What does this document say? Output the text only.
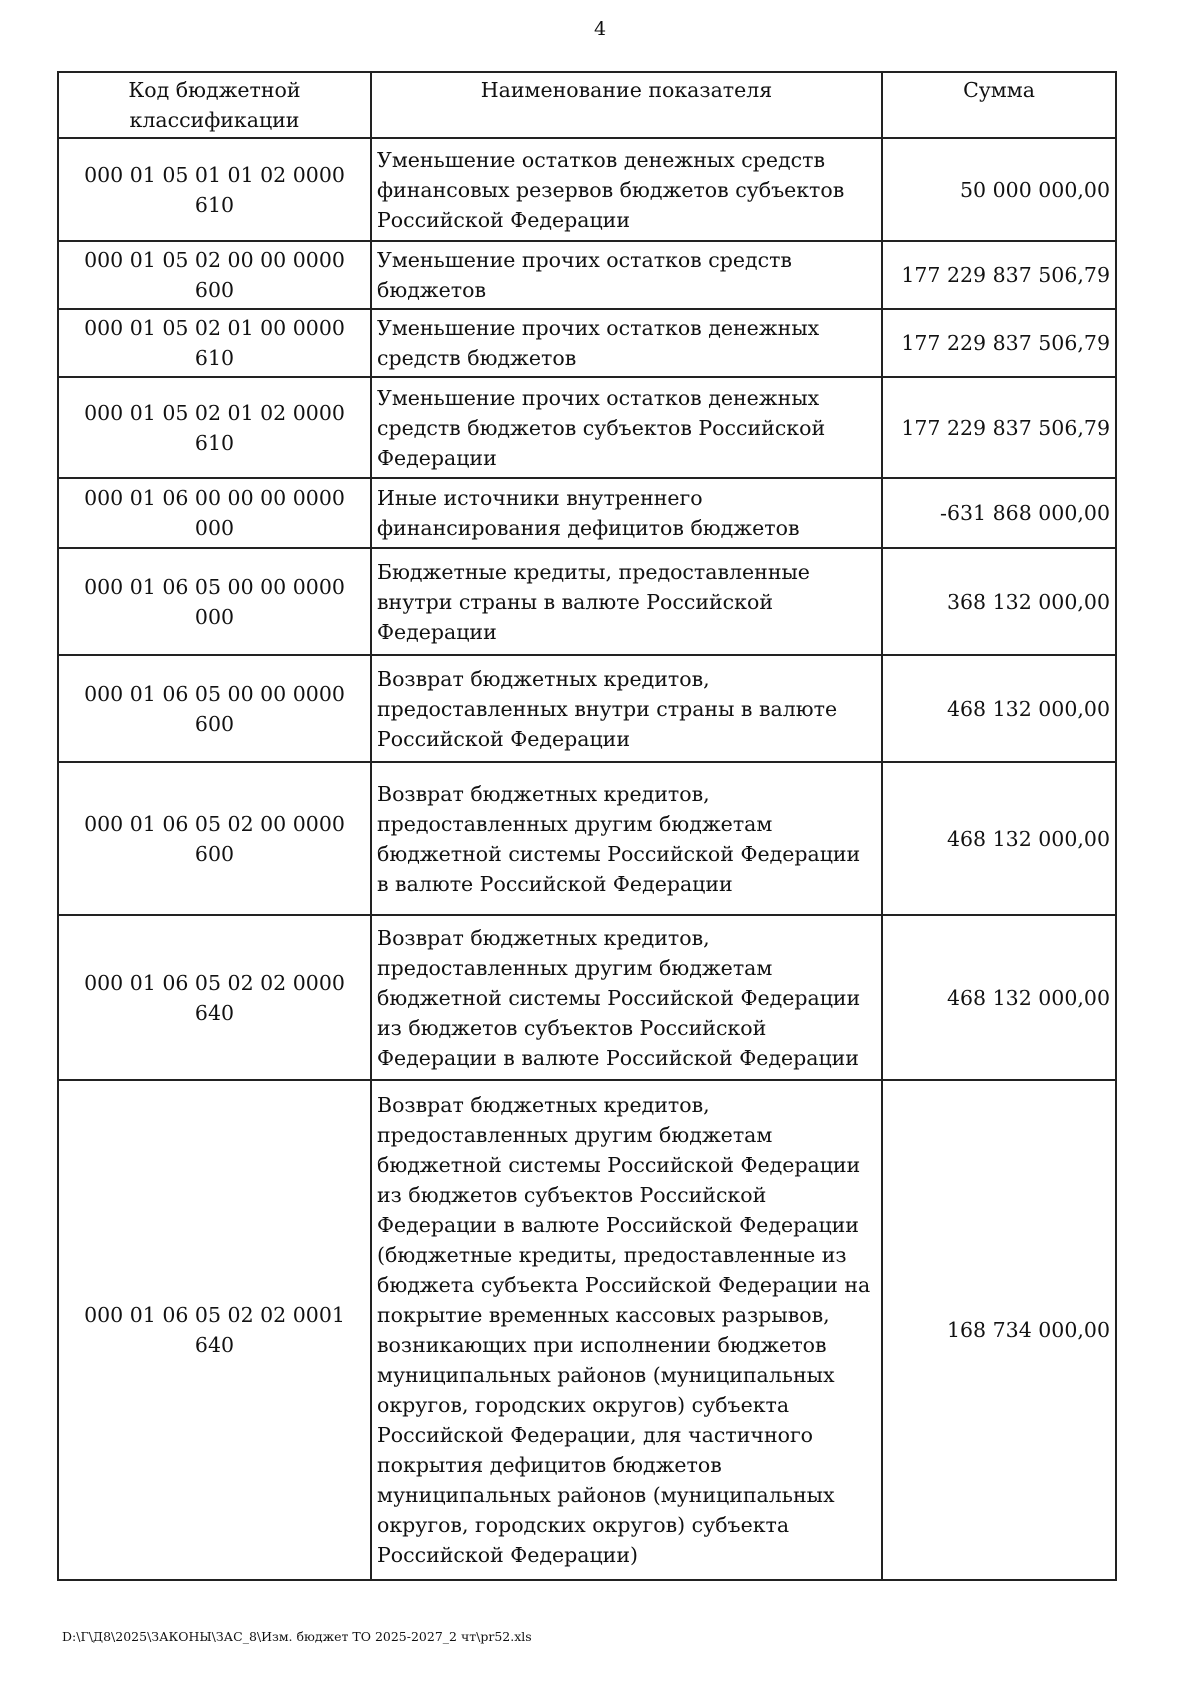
4
Код бюджетной классификации	Наименование показателя	Сумма
000 01 05 01 01 02 0000 610	Уменьшение остатков денежных средств финансовых резервов бюджетов субъектов Российской Федерации	50 000 000,00
000 01 05 02 00 00 0000 600	Уменьшение прочих остатков средств бюджетов	177 229 837 506,79
000 01 05 02 01 00 0000 610	Уменьшение прочих остатков денежных средств бюджетов	177 229 837 506,79
000 01 05 02 01 02 0000 610	Уменьшение прочих остатков денежных средств бюджетов субъектов Российской Федерации	177 229 837 506,79
000 01 06 00 00 00 0000 000	Иные источники внутреннего финансирования дефицитов бюджетов	-631 868 000,00
000 01 06 05 00 00 0000 000	Бюджетные кредиты, предоставленные внутри страны в валюте Российской Федерации	368 132 000,00
000 01 06 05 00 00 0000 600	Возврат бюджетных кредитов, предоставленных внутри страны в валюте Российской Федерации	468 132 000,00
000 01 06 05 02 00 0000 600	Возврат бюджетных кредитов, предоставленных другим бюджетам бюджетной системы Российской Федерации в валюте Российской Федерации	468 132 000,00
000 01 06 05 02 02 0000 640	Возврат бюджетных кредитов, предоставленных другим бюджетам бюджетной системы Российской Федерации из бюджетов субъектов Российской Федерации в валюте Российской Федерации	468 132 000,00
000 01 06 05 02 02 0001 640	Возврат бюджетных кредитов, предоставленных другим бюджетам бюджетной системы Российской Федерации из бюджетов субъектов Российской Федерации в валюте Российской Федерации (бюджетные кредиты, предоставленные из бюджета субъекта Российской Федерации на покрытие временных кассовых разрывов, возникающих при исполнении бюджетов муниципальных районов (муниципальных округов, городских округов) субъекта Российской Федерации, для частичного покрытия дефицитов бюджетов муниципальных районов (муниципальных округов, городских округов) субъекта Российской Федерации)	168 734 000,00
D:\Г\Д8\2025\ЗАКОНЫ\ЗАС_8\Изм. бюджет ТО 2025-2027_2 чт\pr52.xls
